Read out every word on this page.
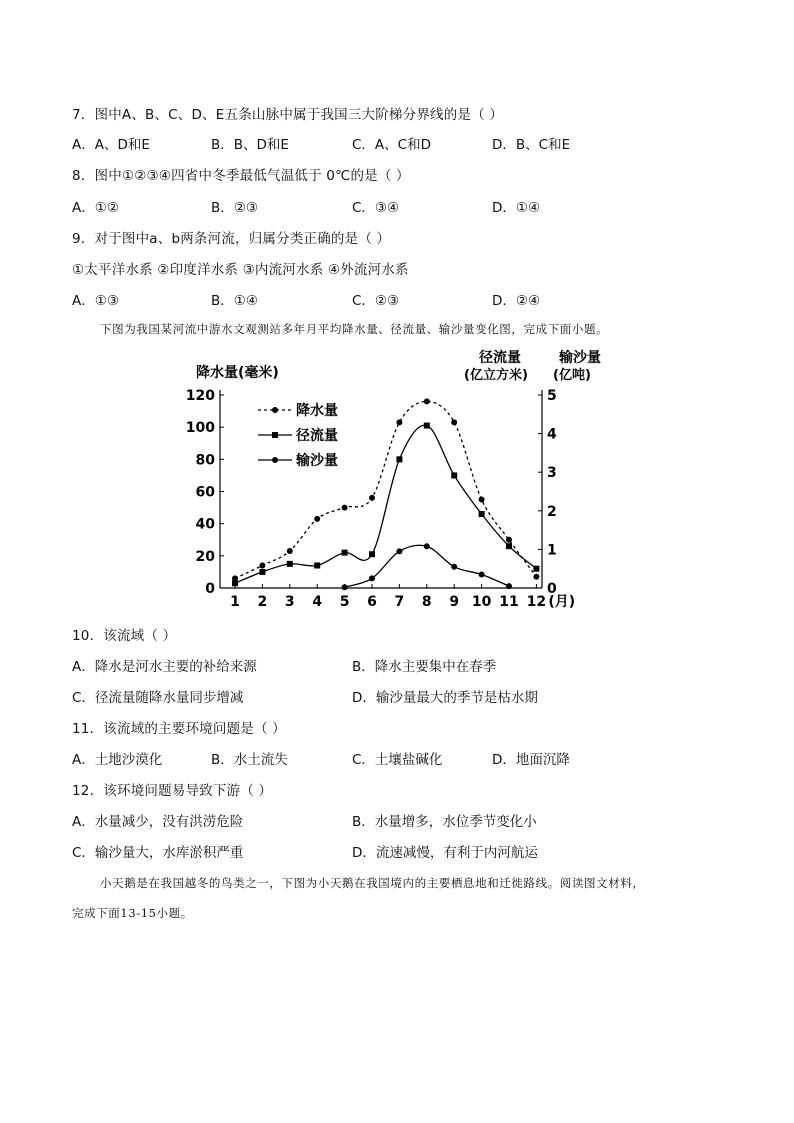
7．图中A、B、C、D、E五条山脉中属于我国三大阶梯分界线的是（ ）
A．A、D和E	B．B、D和E	C．A、C和D	D．B、C和E
8．图中①②③④四省中冬季最低气温低于 0℃的是（ ）
A．①②	B．②③	C．③④	D．①④
9．对于图中a、b两条河流，归属分类正确的是（ ）
①太平洋水系 ②印度洋水系 ③内流河水系 ④外流河水系
A．①③	B．①④	C．②③	D．②④
下图为我国某河流中游水文观测站多年月平均降水量、径流量、输沙量变化图，完成下面小题。
降水量(毫米)
径流量
(亿立方米)
输沙量
(亿吨)
0
20
40
60
80
100
120
0
1
2
3
4
5
1 2 3 4 5 6 7 8 9 10 11 12 (月)
降水量
径流量
输沙量
10．该流域（ ）
A．降水是河水主要的补给来源	B．降水主要集中在春季
C．径流量随降水量同步增减	D．输沙量最大的季节是枯水期
11．该流域的主要环境问题是（ ）
A．土地沙漠化	B．水土流失	C．土壤盐碱化	D．地面沉降
12．该环境问题易导致下游（ ）
A．水量减少，没有洪涝危险	B．水量增多，水位季节变化小
C．输沙量大，水库淤积严重	D．流速减慢，有利于内河航运
小天鹅是在我国越冬的鸟类之一，下图为小天鹅在我国境内的主要栖息地和迁徙路线。阅读图文材料，
完成下面13-15小题。
